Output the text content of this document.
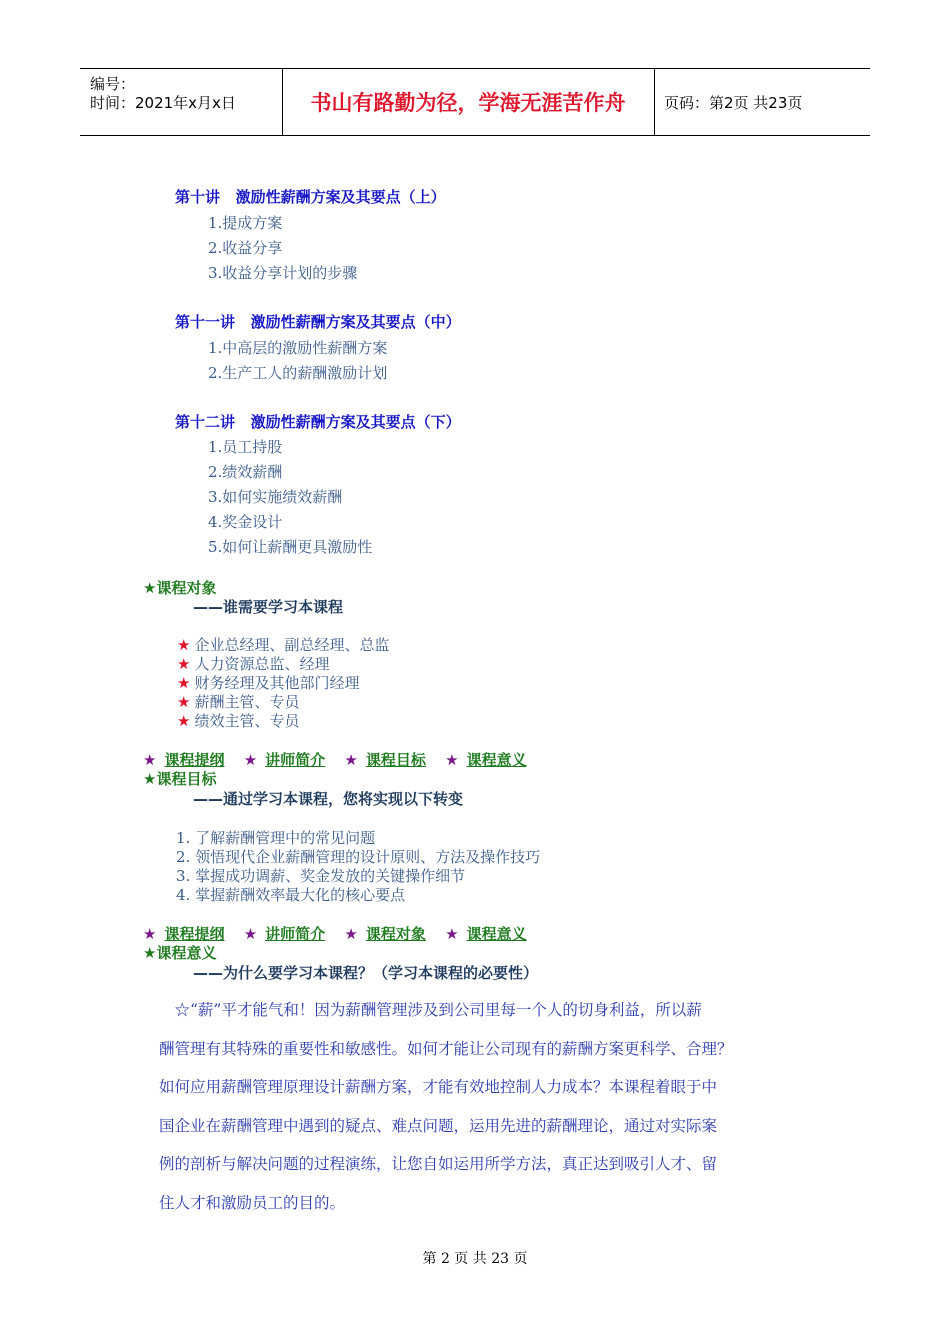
编号：
时间：2021年x月x日	书山有路勤为径，学海无涯苦作舟	页码：第2页 共23页
第十讲   激励性薪酬方案及其要点（上）
1.提成方案
2.收益分享
3.收益分享计划的步骤
第十一讲   激励性薪酬方案及其要点（中）
1.中高层的激励性薪酬方案
2.生产工人的薪酬激励计划
第十二讲   激励性薪酬方案及其要点（下）
1.员工持股
2.绩效薪酬
3.如何实施绩效薪酬
4.奖金设计
5.如何让薪酬更具激励性
★课程对象
——谁需要学习本课程
★ 企业总经理、副总经理、总监
★ 人力资源总监、经理
★ 财务经理及其他部门经理
★ 薪酬主管、专员
★ 绩效主管、专员
★ 课程提纲 ★ 讲师简介 ★ 课程目标 ★ 课程意义
★课程目标
——通过学习本课程，您将实现以下转变
1. 了解薪酬管理中的常见问题
2. 领悟现代企业薪酬管理的设计原则、方法及操作技巧
3. 掌握成功调薪、奖金发放的关键操作细节
4. 掌握薪酬效率最大化的核心要点
★ 课程提纲 ★ 讲师简介 ★ 课程对象 ★ 课程意义
★课程意义
——为什么要学习本课程？（学习本课程的必要性）

　☆“薪”平才能气和！因为薪酬管理涉及到公司里每一个人的切身利益，所以薪

酬管理有其特殊的重要性和敏感性。如何才能让公司现有的薪酬方案更科学、合理？

如何应用薪酬管理原理设计薪酬方案，才能有效地控制人力成本？本课程着眼于中

国企业在薪酬管理中遇到的疑点、难点问题，运用先进的薪酬理论，通过对实际案

例的剖析与解决问题的过程演练，让您自如运用所学方法，真正达到吸引人才、留

住人才和激励员工的目的。

第 2 页 共 23 页
